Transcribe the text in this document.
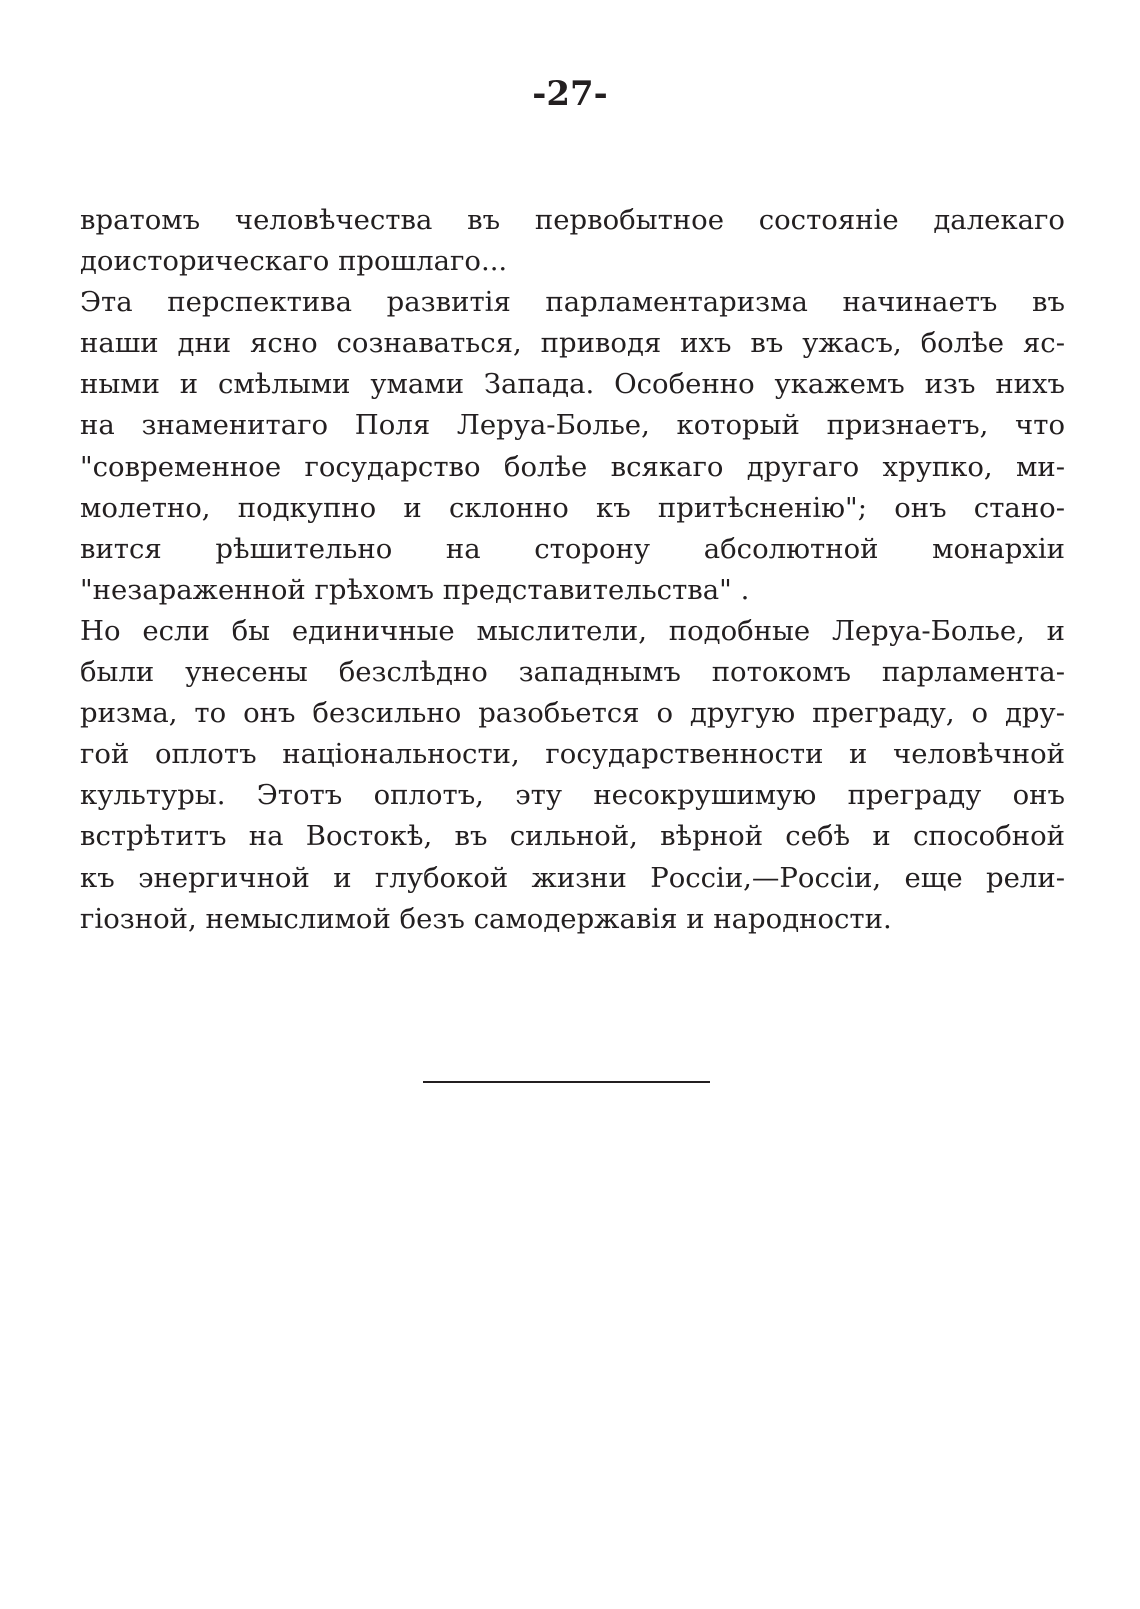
-27-
вратомъ человѣчества въ первобытное состояніе далекаго
доисторическаго прошлаго...
Эта перспектива развитія парламентаризма начинаетъ въ
наши дни ясно сознаваться, приводя ихъ въ ужасъ, болѣе яс-
ными и смѣлыми умами Запада. Особенно укажемъ изъ нихъ
на знаменитаго Поля Леруа-Болье, который признаетъ, что
"современное государство болѣе всякаго другаго хрупко, ми-
молетно, подкупно и склонно къ притѣсненію"; онъ стано-
вится рѣшительно на сторону абсолютной монархіи
"незараженной грѣхомъ представительства" .
Но если бы единичные мыслители, подобные Леруа-Болье, и
были унесены безслѣдно западнымъ потокомъ парламента-
ризма, то онъ безсильно разобьется о другую преграду, о дру-
гой оплотъ національности, государственности и человѣчной
культуры. Этотъ оплотъ, эту несокрушимую преграду онъ
встрѣтитъ на Востокѣ, въ сильной, вѣрной себѣ и способной
къ энергичной и глубокой жизни Россіи,—Россіи, еще рели-
гіозной, немыслимой безъ самодержавія и народности.
